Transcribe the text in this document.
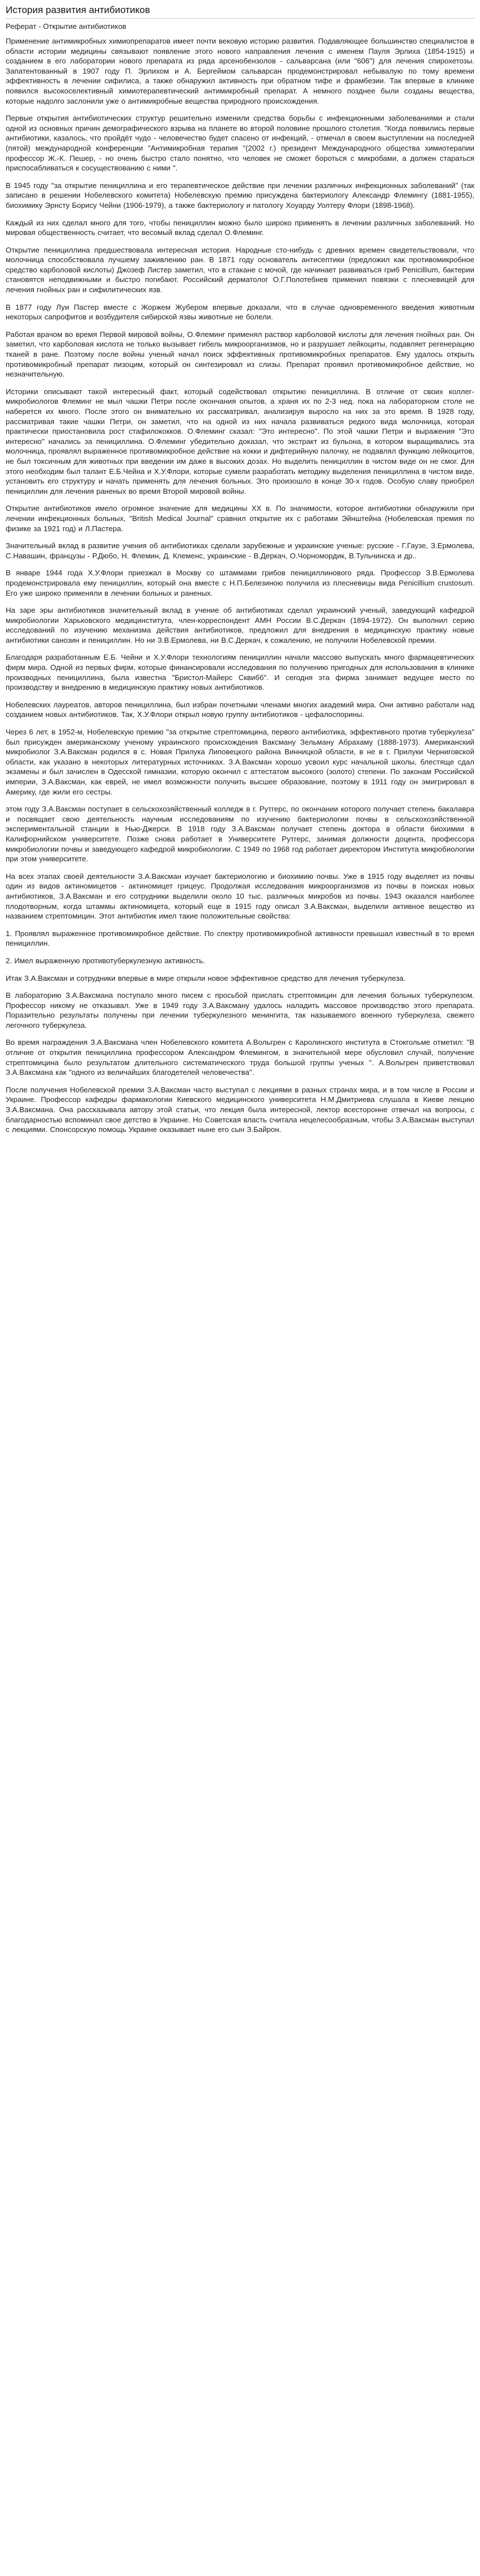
История развития антибиотиков
Реферат - Открытие антибиотиков

Применение антимикробных химиопрепаратов имеет почти вековую историю развития. Подавляющее большинство специалистов в области истории медицины связывают появление этого нового направления лечения с именем Пауля Эрлиха (1854-1915) и созданием в его лаборатории нового препарата из ряда арсенобензолов - сальварсана (или "606") для лечения спирохетозы. Запатентованный в 1907 году П. Эрлихом и А. Бергеймом сальварсан продемонстрировал небывалую по тому времени эффективность в лечении сифилиса, а также обнаружил активность при обратном тифе и фрамбезии. Так впервые в клинике появился высокоселективный химиотерапевтический антимикробный препарат. А немного позднее были созданы вещества, которые надолго заслонили уже о антимикробные вещества природного происхождения.

Первые открытия антибиотических структур решительно изменили средства борьбы с инфекционными заболеваниями и стали одной из основных причин демографического взрыва на планете во второй половине прошлого столетия. "Когда появились первые антибиотики, казалось, что пройдёт чудо - человечество будет спасено от инфекций, - отмечал в своем выступлении на последней (пятой) международной конференции "Антимикробная терапия "(2002 г.) президент Международного общества химиотерапии профессор Ж.-К. Пешер, - но очень быстро стало понятно, что человек не сможет бороться с микробами, а должен стараться приспосабливаться к сосуществованию с ними ".

В 1945 году "за открытие пенициллина и его терапевтическое действие при лечении различных инфекционных заболеваний" (так записано в решении Нобелевского комитета) Нобелевскую премию присуждена бактериологу Александр Флемингу (1881-1955), биохимику Эрнсту Борису Чейни (1906-1979), а также бактериологу и патологу Хоуарду Уолтеру Флори (1898-1968).

Каждый из них сделал много для того, чтобы пенициллин можно было широко применять в лечении различных заболеваний. Но мировая общественность считает, что весомый вклад сделал О.Флеминг.

Открытие пенициллина предшествовала интересная история. Народные сто-нибудь с древних времен свидетельствовали, что молочница способствовала лучшему заживлению ран. В 1871 году основатель антисептики (предложил как противомикробное средство карболовой кислоты) Джозеф Листер заметил, что в стакане с мочой, где начинает развиваться гриб Penicillium, бактерии становятся неподвижными и быстро погибают. Российский дерматолог О.Г.Полотебнев применил повязки с плесневицей для лечения гнойных ран и сифилитических язв.

В 1877 году Луи Пастер вместе с Жоржем Жубером впервые доказали, что в случае одновременного введения животным некоторых сапрофитов и возбудителя сибирской язвы животные не болели.

Работая врачом во время Первой мировой войны, О.Флеминг применял раствор карболовой кислоты для лечения гнойных ран. Он заметил, что карболовая кислота не только вызывает гибель микроорганизмов, но и разрушает лейкоциты, подавляет регенерацию тканей в ране. Поэтому после войны ученый начал поиск эффективных противомикробных препаратов. Ему удалось открыть противомикробный препарат лизоцим, который он синтезировал из слизы. Препарат проявил противомикробное действие, но незначительную.

Историки описывают такой интересный факт, который содействовал открытию пенициллина. В отличие от своих коллег-микробиологов Флеминг не мыл чашки Петри после окончания опытов, а храня их по 2-3 нед. пока на лабораторном столе не наберется их много. После этого он внимательно их рассматривал, анализируя выросло на них за это время. В 1928 году, рассматривая такие чашки Петри, он заметил, что на одной из них начала развиваться редкого вида молочница, которая практически приостановила рост стафилококков. О.Флеминг сказал: "Это интересно". По этой чашки Петри и выражения "Это интересно" начались за пенициллина. О.Флеминг убедительно доказал, что экстракт из бульона, в котором выращивались эта молочница, проявлял выраженное противомикробное действие на кокки и дифтерийную палочку, не подавлял функцию лейкоцитов, не был токсичным для животных при введении им даже в высоких дозах. Но выделить пенициллин в чистом виде он не смог. Для этого необходим был талант Е.Б.Чейна и Х.У.Флори, которые сумели разработать методику выделения пенициллина в чистом виде, установить его структуру и начать применять для лечения больных. Это произошло в конце 30-х годов. Особую славу приобрел пенициллин для лечения раненых во время Второй мировой войны.

Открытие антибиотиков имело огромное значение для медицины ХХ в. По значимости, которое антибиотики обнаружили при лечении инфекционных больных, "British Medical Journal" сравнил открытие их с работами Эйнштейна (Нобелевская премия по физике за 1921 год) и Л.Пастера.

Значительный вклад в развитие учения об антибиотиках сделали зарубежные и украинские ученые: русские - Г.Гаузе, З.Ермолева, С.Навашин, французы - Р.Дюбо, Н. Флемин, Д. Клеменс, украинские - В.Деркач, О.Чорномордик, В.Тульчинска и др..

В январе 1944 года Х.У.Флори приезжал в Москву со штаммами грибов пенициллинового ряда. Профессор З.В.Ермолева продемонстрировала ему пенициллин, который она вместе с Н.П.Белезиною получила из плесневицы вида Penicillium crustosum. Его уже широко применяли в лечении больных и раненых.

На заре эры антибиотиков значительный вклад в учение об антибиотиках сделал украинский ученый, заведующий кафедрой микробиологии Харьковского медицинститута, член-корреспондент АМН России В.С.Деркач (1894-1972). Он выполнил серию исследований по изучению механизма действия антибиотиков, предложил для внедрения в медицинскую практику новые антибиотики санозин и пенициллин. Но ни З.В.Ермолева, ни В.С.Деркач, к сожалению, не получили Нобелевской премии.

Благодаря разработанным Е.Б. Чейни и Х.У.Флори технологиям пенициллин начали массово выпускать много фармацевтических фирм мира. Одной из первых фирм, которые финансировали исследования по получению пригодных для использования в клинике производных пенициллина, была известна "Бристол-Майерс Сквибб". И сегодня эта фирма занимает ведущее место по производству и внедрению в медицинскую практику новых антибиотиков.

Нобелевских лауреатов, авторов пенициллина, был избран почетными членами многих академий мира. Они активно работали над созданием новых антибиотиков. Так, Х.У.Флори открыл новую группу антибиотиков - цефалоспорины.

Через 6 лет, в 1952-м, Нобелевскую премию "за открытие стрептомицина, первого антибиотика, эффективного против туберкулеза" был присужден американскому ученому украинского происхождения Ваксману Зельману Абрахаму (1888-1973). Американский микробиолог З.А.Ваксман родился в с. Новая Прилука Липовецкого района Винницкой области, в не в г. Прилуки Черниговской области, как указано в некоторых литературных источниках. З.А.Ваксман хорошо усвоил курс начальной школы, блестяще сдал экзамены и был зачислен в Одесской гимназии, которую окончил с аттестатом высокого (золото) степени. По законам Российской империи, З.А.Ваксман, как еврей, не имел возможности получить высшее образование, поэтому в 1911 году он эмигрировал в Америку, где жили его сестры.

этом году З.А.Ваксман поступает в сельскохозяйственный колледж в г. Рутгерс, по окончании которого получает степень бакалавра и посвящает свою деятельность научным исследованиям по изучению бактериологии почвы в сельскохозяйственной экспериментальной станции в Нью-Джерси. В 1918 году З.А.Ваксман получает степень доктора в области биохимии в Калифорнийском университете. Позже снова работает в Университете Рутгерс, занимая должности доцента, профессора микробиологии почвы и заведующего кафедрой микробиологии. С 1949 по 1968 год работает директором Института микробиологии при этом университете.

На всех этапах своей деятельности З.А.Ваксман изучает бактериологию и биохимию почвы. Уже в 1915 году выделяет из почвы один из видов актиномицетов - актиномицет грицеус. Продолжая исследования микроорганизмов из почвы в поисках новых антибиотиков, З.А.Ваксман и его сотрудники выделили около 10 тыс. различных микробов из почвы. 1943 оказался наиболее плодотворным, когда штаммы актиномицета, который еще в 1915 году описал З.А.Ваксман, выделили активное вещество из названием стрептомицин. Этот антибиотик имел такие положительные свойства:

1. Проявлял выраженное противомикробное действие. По спектру противомикробной активности превышал известный в то время пенициллин.

2. Имел выраженную противотуберкулезную активность.

Итак З.А.Ваксман и сотрудники впервые в мире открыли новое эффективное средство для лечения туберкулеза.

В лабораторию З.А.Ваксмана поступало много писем с просьбой прислать стрептомицин для лечения больных туберкулезом. Профессор никому не отказывал. Уже в 1949 году З.А.Ваксману удалось наладить массовое производство этого препарата. Поразительно результаты получены при лечении туберкулезного менингита, так называемого военного туберкулеза, свежего легочного туберкулеза.

Во время награждения З.А.Ваксмана член Нобелевского комитета А.Вольгрен с Каролинского института в Стокгольме отметил: "В отличие от открытия пенициллина профессором Александром Флемингом, в значительной мере обусловил случай, получение стрептомицина было результатом длительного систематического труда большой группы ученых ". А.Вольгрен приветствовал З.А.Ваксмана как "одного из величайших благодетелей человечества".

После получения Нобелевской премии З.А.Ваксман часто выступал с лекциями в разных странах мира, и в том числе в России и Украине. Профессор кафедры фармакологии Киевского медицинского университета Н.М.Дмитриева слушала в Киеве лекцию З.А.Ваксмана. Она рассказывала автору этой статьи, что лекция была интересной, лектор всесторонне отвечал на вопросы, с благодарностью вспоминал свое детство в Украине. Но Советская власть считала нецелесообразным, чтобы З.А.Ваксман выступал с лекциями. Спонсорскую помощь Украине оказывает ныне его сын З.Байрон.
